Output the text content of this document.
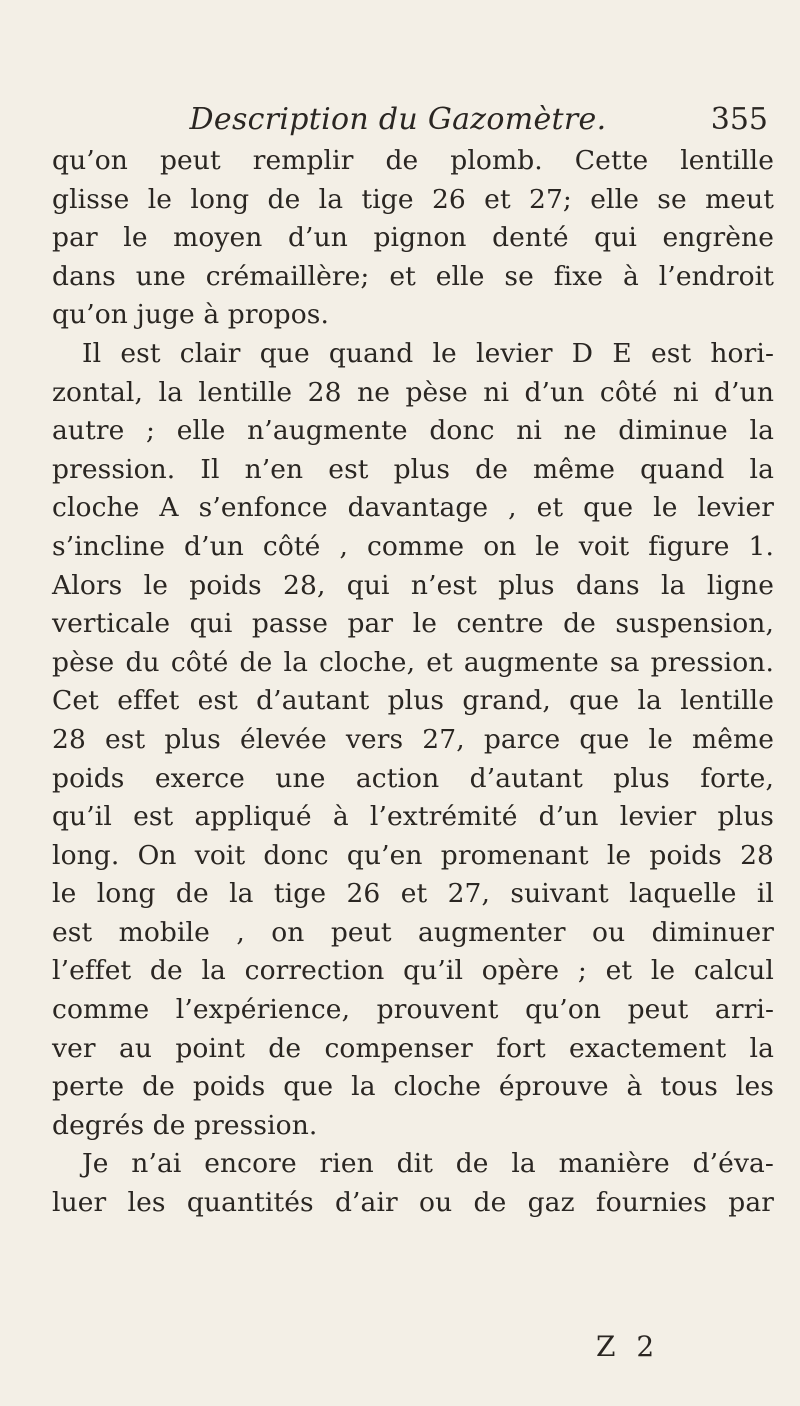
Description du Gazomètre.	355
qu’on peut remplir de plomb. Cette lentille
glisse le long de la tige 26 et 27; elle se meut
par le moyen d’un pignon denté qui engrène
dans une crémaillère; et elle se fixe à l’endroit
qu’on juge à propos.
Il est clair que quand le levier D E est hori-
zontal, la lentille 28 ne pèse ni d’un côté ni d’un
autre ; elle n’augmente donc ni ne diminue la
pression. Il n’en est plus de même quand la
cloche A s’enfonce davantage , et que le levier
s’incline d’un côté , comme on le voit figure 1.
Alors le poids 28, qui n’est plus dans la ligne
verticale qui passe par le centre de suspension,
pèse du côté de la cloche, et augmente sa pression.
Cet effet est d’autant plus grand, que la lentille
28 est plus élevée vers 27, parce que le même
poids exerce une action d’autant plus forte,
qu’il est appliqué à l’extrémité d’un levier plus
long. On voit donc qu’en promenant le poids 28
le long de la tige 26 et 27, suivant laquelle il
est mobile , on peut augmenter ou diminuer
l’effet de la correction qu’il opère ; et le calcul
comme l’expérience, prouvent qu’on peut arri-
ver au point de compenser fort exactement la
perte de poids que la cloche éprouve à tous les
degrés de pression.
Je n’ai encore rien dit de la manière d’éva-
luer les quantités d’air ou de gaz fournies par
Z 2
